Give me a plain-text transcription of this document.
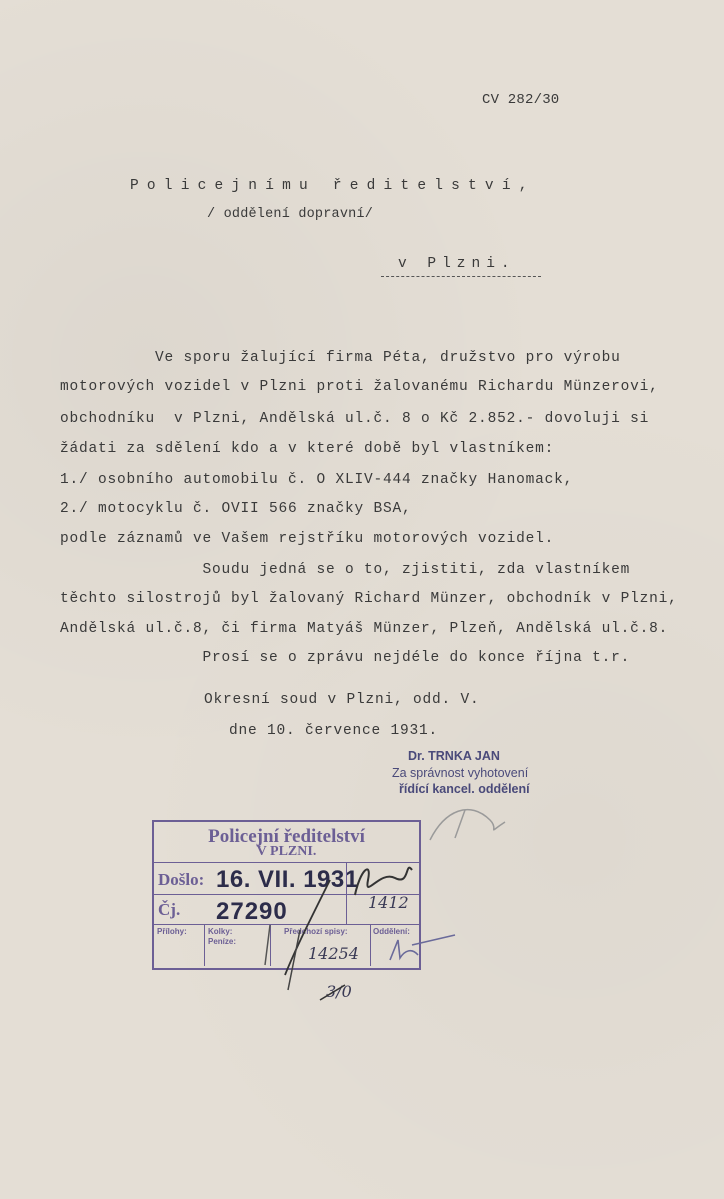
CV 282/30
Policejnímu ředitelství,
/ oddělení dopravní/
v Plzni.
Ve sporu žalující firma Péta, družstvo pro výrobu
motorových vozidel v Plzni proti žalovanému Richardu Münzerovi,
obchodníku  v Plzni, Andělská ul.č. 8 o Kč 2.852.- dovoluji si
žádati za sdělení kdo a v které době byl vlastníkem:
1./ osobního automobilu č. O XLIV-444 značky Hanomack,
2./ motocyklu č. OVII 566 značky BSA,
podle záznamů ve Vašem rejstříku motorových vozidel.
Soudu jedná se o to, zjistiti, zda vlastníkem
těchto silostrojů byl žalovaný Richard Münzer, obchodník v Plzni,
Andělská ul.č.8, či firma Matyáš Münzer, Plzeň, Andělská ul.č.8.
Prosí se o zprávu nejdéle do konce října t.r.
Okresní soud v Plzni, odd. V.
dne 10. července 1931.
Dr. TRNKA JAN
Za správnost vyhotovení
řídící kancel. oddělení
Policejní ředitelství
V PLZNI.
Došlo: 16. VII. 1931
Čj. 27290
Přílohy:	Kolky:
Peníze:
Předchozí spisy:	Oddělení:
1412
14254
3/0
